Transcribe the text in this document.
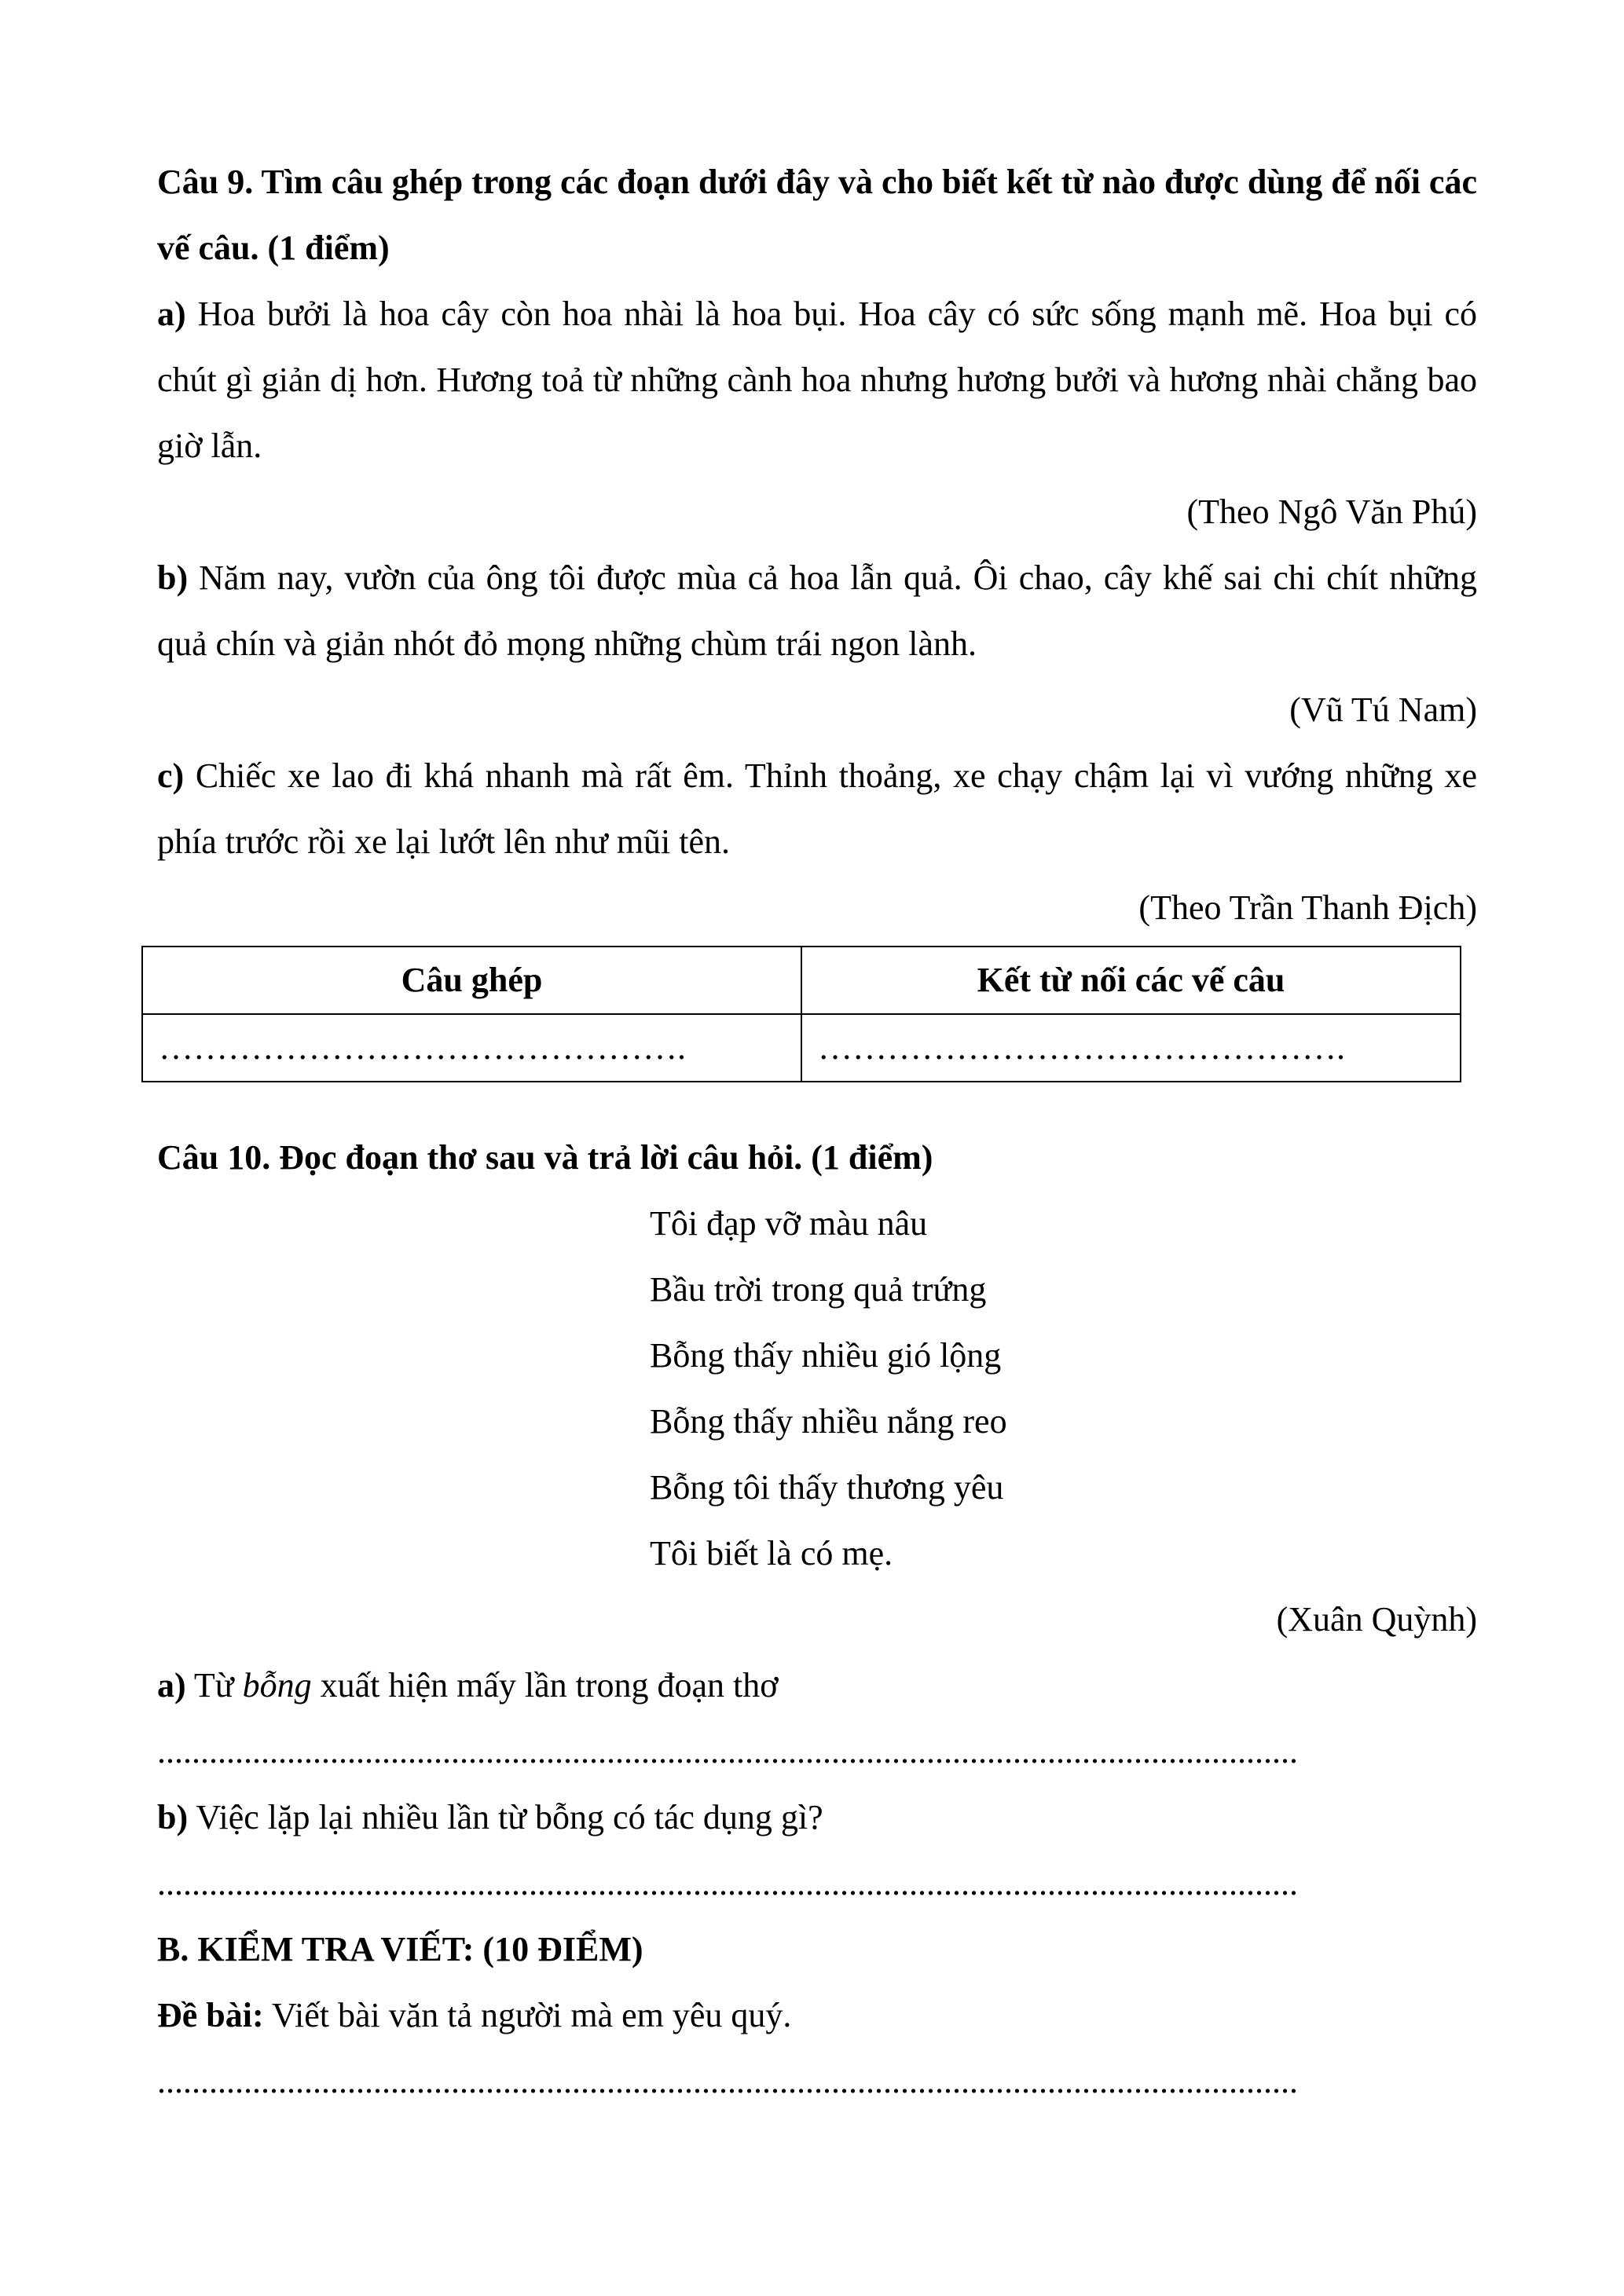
Câu 9. Tìm câu ghép trong các đoạn dưới đây và cho biết kết từ nào được dùng để nối các vế câu. (1 điểm)

a) Hoa bưởi là hoa cây còn hoa nhài là hoa bụi. Hoa cây có sức sống mạnh mẽ. Hoa bụi có chút gì giản dị hơn. Hương toả từ những cành hoa nhưng hương bưởi và hương nhài chẳng bao giờ lẫn.

(Theo Ngô Văn Phú)

b) Năm nay, vườn của ông tôi được mùa cả hoa lẫn quả. Ôi chao, cây khế sai chi chít những quả chín và giản nhót đỏ mọng những chùm trái ngon lành.

(Vũ Tú Nam)

c) Chiếc xe lao đi khá nhanh mà rất êm. Thỉnh thoảng, xe chạy chậm lại vì vướng những xe phía trước rồi xe lại lướt lên như mũi tên.

(Theo Trần Thanh Địch)

Câu ghép	Kết từ nối các vế câu
……………………………………….	……………………………………….

Câu 10. Đọc đoạn thơ sau và trả lời câu hỏi. (1 điểm)

Tôi đạp vỡ màu nâu

Bầu trời trong quả trứng

Bỗng thấy nhiều gió lộng

Bỗng thấy nhiều nắng reo

Bỗng tôi thấy thương yêu

Tôi biết là có mẹ.

(Xuân Quỳnh)

a) Từ bỗng xuất hiện mấy lần trong đoạn thơ

....................................................................................................................................

b) Việc lặp lại nhiều lần từ bỗng có tác dụng gì?

....................................................................................................................................

B. KIỂM TRA VIẾT: (10 ĐIỂM)

Đề bài: Viết bài văn tả người mà em yêu quý.

....................................................................................................................................
